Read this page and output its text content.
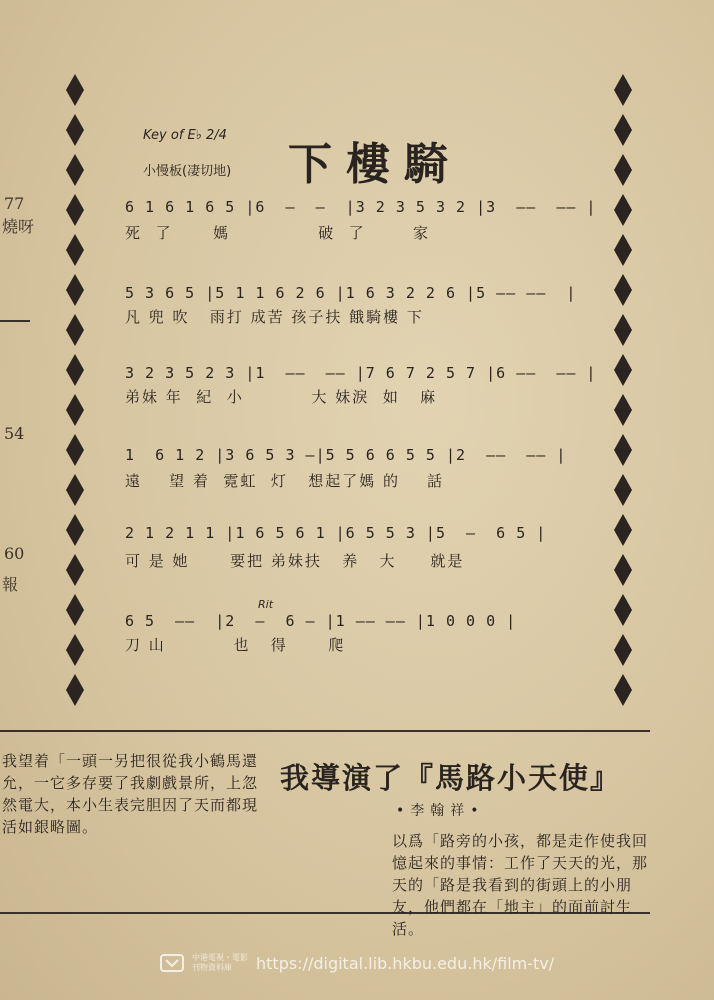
77
燒呀
54
60
報
Key of E♭ 2/4
小慢板(凄切地) 下樓騎
6 1 6 1 6 5 |6  —  —  |3 2 3 5 3 2 |3  ——  —— |
死  了      媽             破  了       家
5 3 6 5 |5 1 1 6 2 6 |1 6 3 2 2 6 |5 —— ——  |
凡 兜 吹   雨打 成苦 孩子扶 餓騎樓 下
3 2 3 5 2 3 |1  ——  —— |7 6 7 2 5 7 |6 ——  —— |
弟妹 年  紀  小          大 妹淚  如   麻
1  6 1 2 |3 6 5 3 —|5 5 6 6 5 5 |2  ——  —— |
遠    望 着  霓虹  灯   想起了媽 的    話
2 1 2 1 1 |1 6 5 6 1 |6 5 5 3 |5  —  6 5 |
可 是 她      要把 弟妹扶   养   大     就是
Rit
6 5  ——  |2  —  6 — |1 —— —— |1 0 0 0 |
刀 山          也   得      爬
我望着「一頭一另把很從我小鶴馬還允，一它多存要了我劇戲景所，上忽然電大，本小生表完胆因了天而都現活如銀略圖。
我導演了『馬路小天使』
•李翰祥•
以爲「路旁的小孩，都是走作使我回憶起來的事情：工作了天天的光，那天的「路是我看到的街頭上的小朋友，他們都在「地主」的面前討生活。
中港電視・電影
刊物資料庫	https://digital.lib.hkbu.edu.hk/film-tv/
